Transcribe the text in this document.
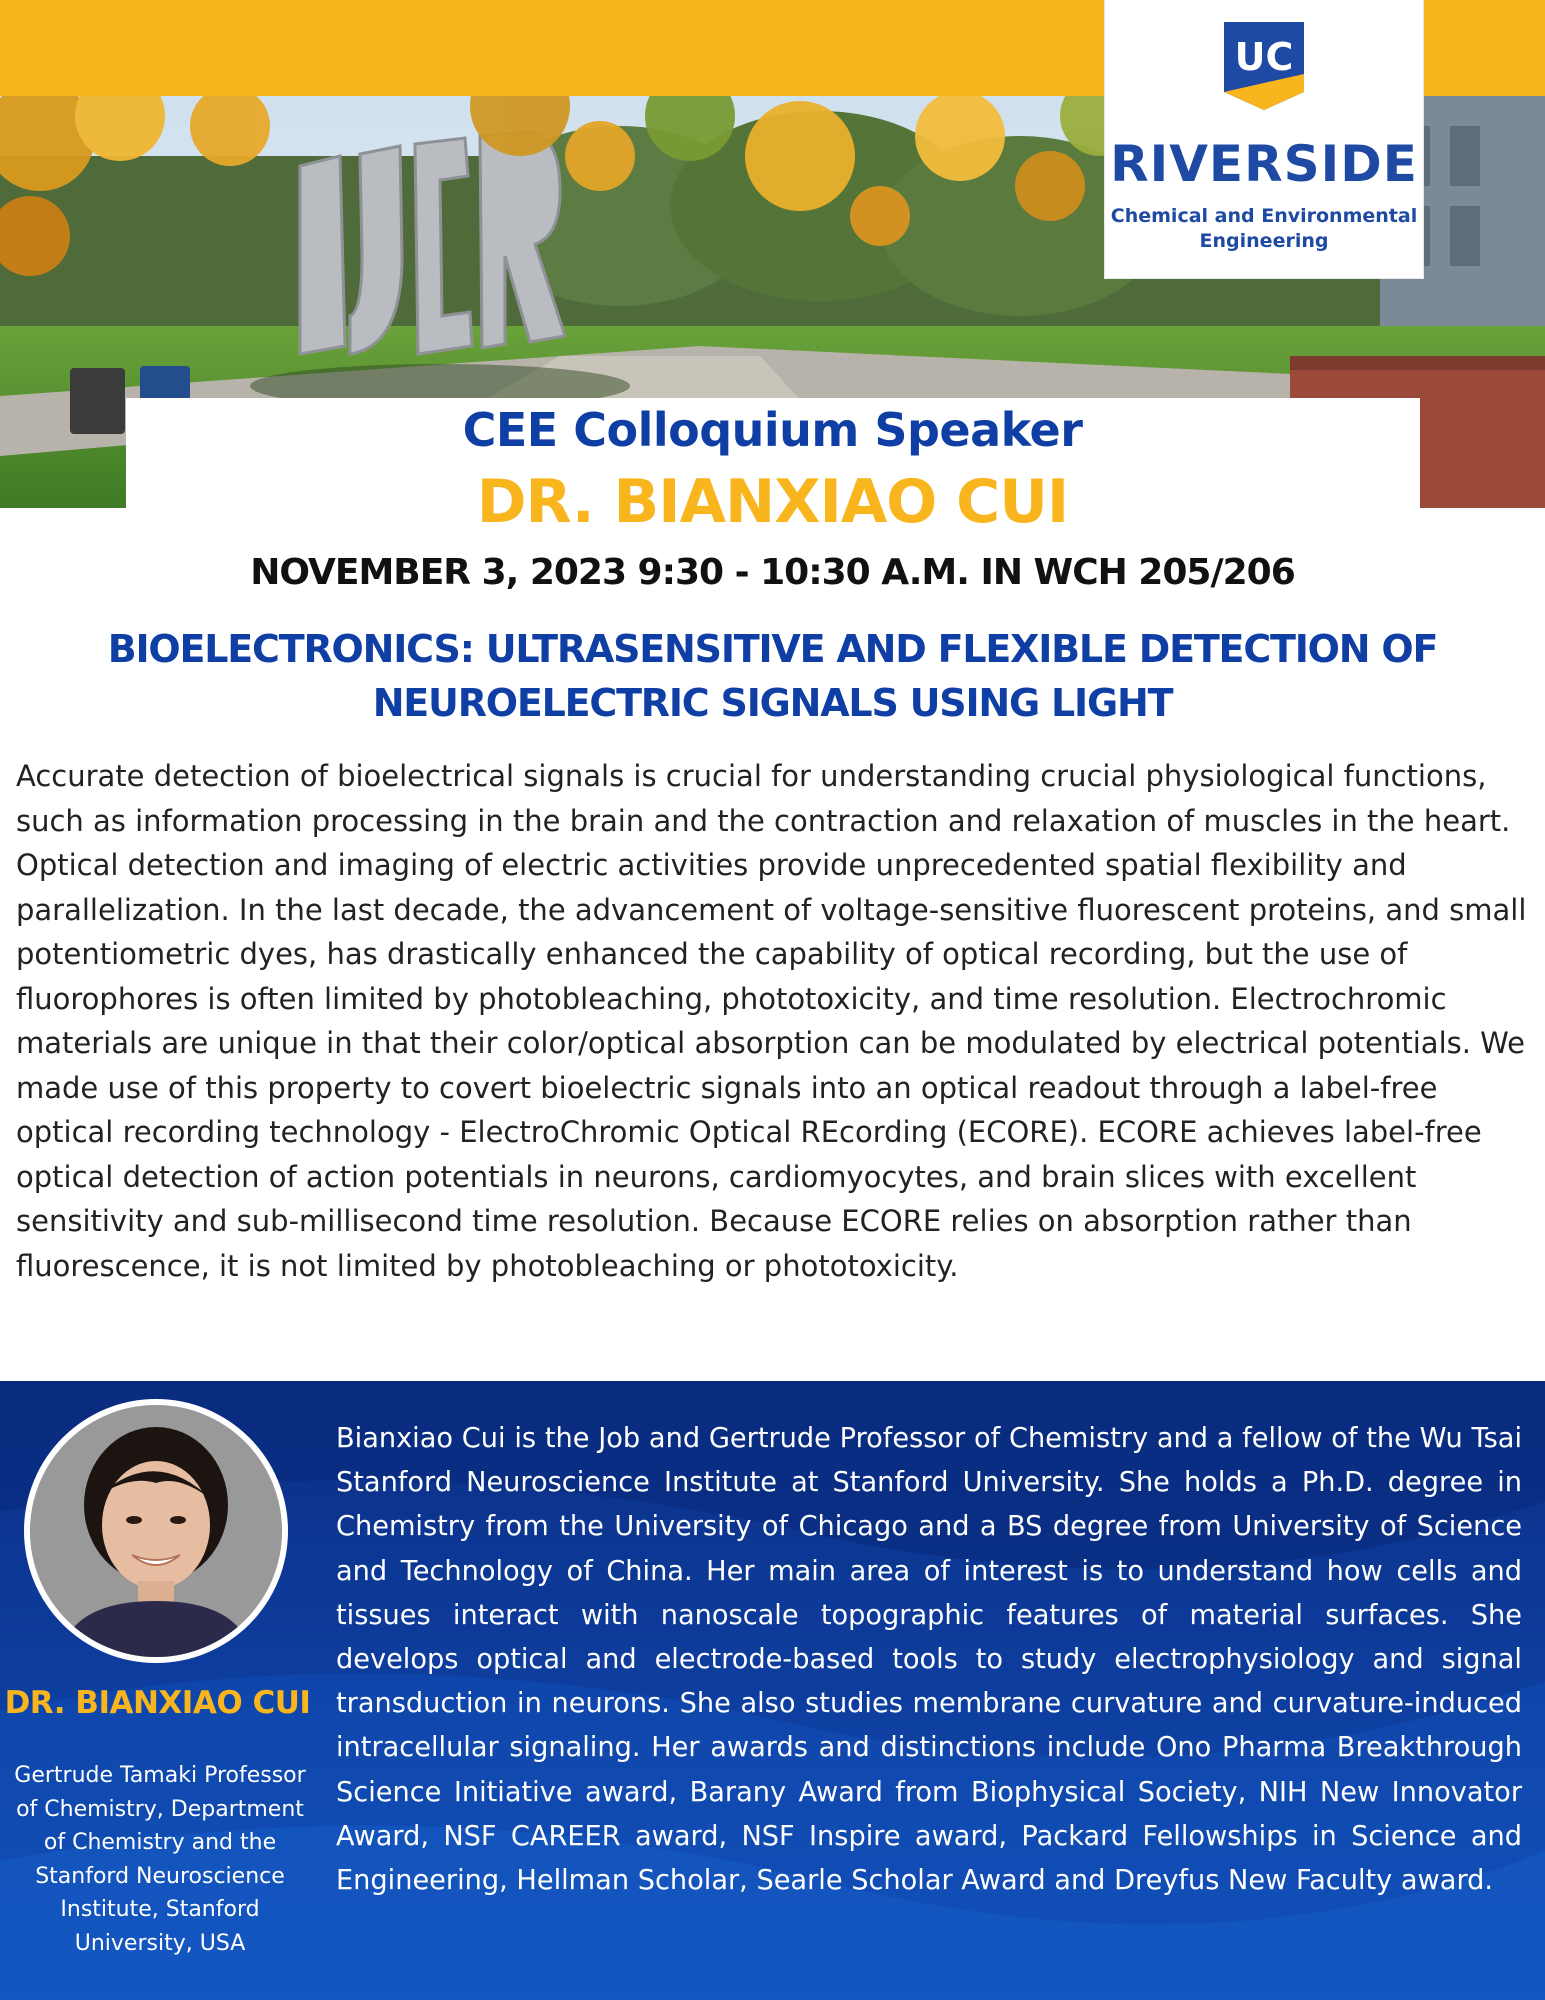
UC
RIVERSIDE
Chemical and Environmental Engineering
CEE Colloquium Speaker
DR. BIANXIAO CUI
NOVEMBER 3, 2023 9:30 - 10:30 A.M. IN WCH 205/206
BIOELECTRONICS: ULTRASENSITIVE AND FLEXIBLE DETECTION OF NEUROELECTRIC SIGNALS USING LIGHT

Accurate detection of bioelectrical signals is crucial for understanding crucial physiological functions, such as information processing in the brain and the contraction and relaxation of muscles in the heart. Optical detection and imaging of electric activities provide unprecedented spatial flexibility and parallelization. In the last decade, the advancement of voltage-sensitive fluorescent proteins, and small potentiometric dyes, has drastically enhanced the capability of optical recording, but the use of fluorophores is often limited by photobleaching, phototoxicity, and time resolution. Electrochromic materials are unique in that their color/optical absorption can be modulated by electrical potentials. We made use of this property to covert bioelectric signals into an optical readout through a label-free optical recording technology - ElectroChromic Optical REcording (ECORE). ECORE achieves label-free optical detection of action potentials in neurons, cardiomyocytes, and brain slices with excellent sensitivity and sub-millisecond time resolution. Because ECORE relies on absorption rather than fluorescence, it is not limited by photobleaching or phototoxicity.

DR. BIANXIAO CUI
Gertrude Tamaki Professor of Chemistry, Department of Chemistry and the Stanford Neuroscience Institute, Stanford University, USA

Bianxiao Cui is the Job and Gertrude Professor of Chemistry and a fellow of the Wu Tsai Stanford Neuroscience Institute at Stanford University. She holds a Ph.D. degree in Chemistry from the University of Chicago and a BS degree from University of Science and Technology of China. Her main area of interest is to understand how cells and tissues interact with nanoscale topographic features of material surfaces. She develops optical and electrode-based tools to study electrophysiology and signal transduction in neurons. She also studies membrane curvature and curvature-induced intracellular signaling. Her awards and distinctions include Ono Pharma Breakthrough Science Initiative award, Barany Award from Biophysical Society, NIH New Innovator Award, NSF CAREER award, NSF Inspire award, Packard Fellowships in Science and Engineering, Hellman Scholar, Searle Scholar Award and Dreyfus New Faculty award.
